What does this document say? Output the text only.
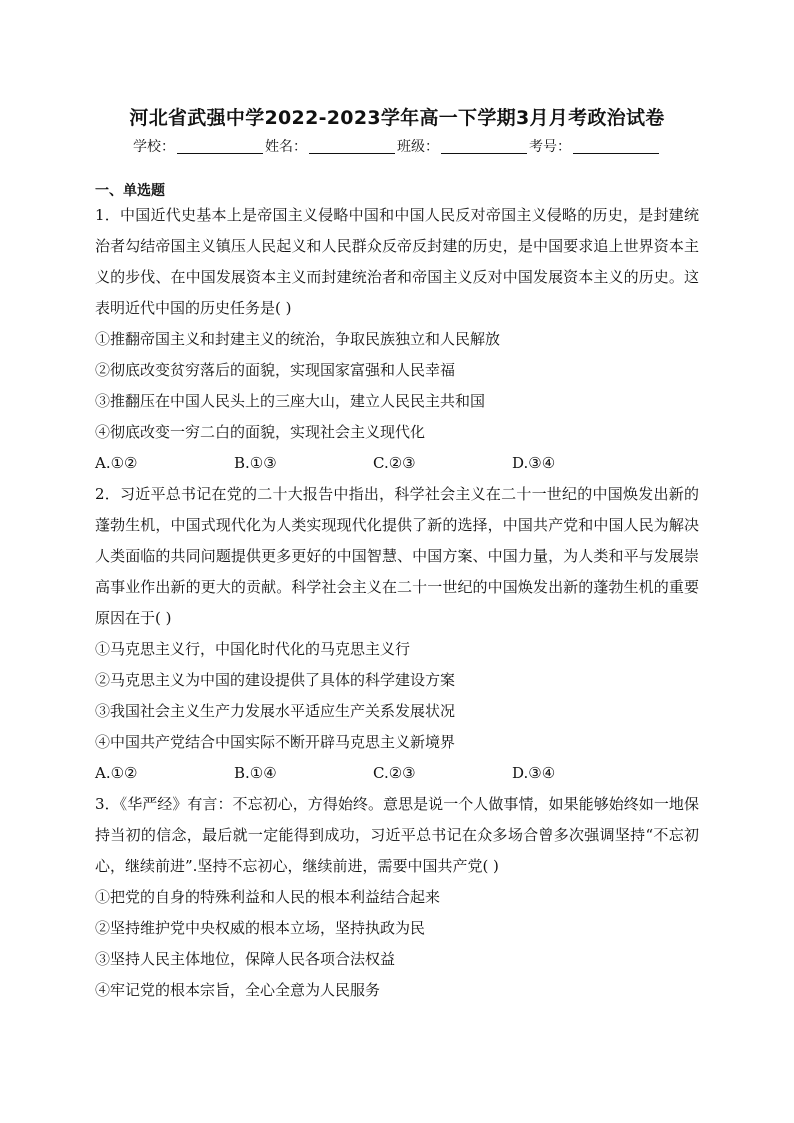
河北省武强中学2022-2023学年高一下学期3月月考政治试卷
学校：	姓名：	班级：	考号：
一、单选题

1．中国近代史基本上是帝国主义侵略中国和中国人民反对帝国主义侵略的历史，是封建统治者勾结帝国主义镇压人民起义和人民群众反帝反封建的历史，是中国要求追上世界资本主义的步伐、在中国发展资本主义而封建统治者和帝国主义反对中国发展资本主义的历史。这表明近代中国的历史任务是( )

①推翻帝国主义和封建主义的统治，争取民族独立和人民解放

②彻底改变贫穷落后的面貌，实现国家富强和人民幸福

③推翻压在中国人民头上的三座大山，建立人民民主共和国

④彻底改变一穷二白的面貌，实现社会主义现代化

A.①②	B.①③	C.②③	D.③④

2．习近平总书记在党的二十大报告中指出，科学社会主义在二十一世纪的中国焕发出新的蓬勃生机，中国式现代化为人类实现现代化提供了新的选择，中国共产党和中国人民为解决人类面临的共同问题提供更多更好的中国智慧、中国方案、中国力量，为人类和平与发展崇高事业作出新的更大的贡献。科学社会主义在二十一世纪的中国焕发出新的蓬勃生机的重要原因在于( )

①马克思主义行，中国化时代化的马克思主义行

②马克思主义为中国的建设提供了具体的科学建设方案

③我国社会主义生产力发展水平适应生产关系发展状况

④中国共产党结合中国实际不断开辟马克思主义新境界

A.①②	B.①④	C.②③	D.③④

3．《华严经》有言：不忘初心，方得始终。意思是说一个人做事情，如果能够始终如一地保持当初的信念，最后就一定能得到成功，习近平总书记在众多场合曾多次强调坚持“不忘初心，继续前进”.坚持不忘初心，继续前进，需要中国共产党( )

①把党的自身的特殊利益和人民的根本利益结合起来

②坚持维护党中央权威的根本立场，坚持执政为民

③坚持人民主体地位，保障人民各项合法权益

④牢记党的根本宗旨，全心全意为人民服务
